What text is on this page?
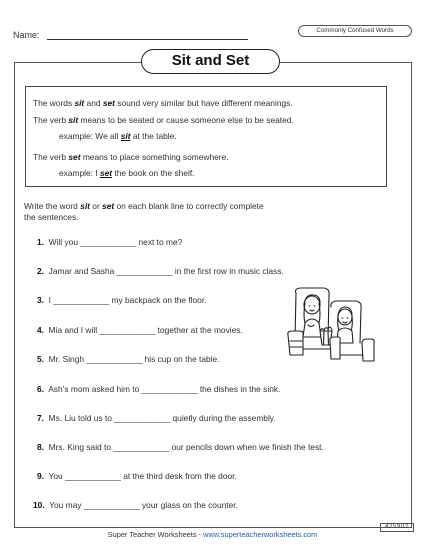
Name:	Commonly Confused Words
Sit and Set
The words sit and set sound very similar but have different meanings.
The verb sit means to be seated or cause someone else to be seated.
example: We all sit at the table.
The verb set means to place something somewhere.
example: I set the book on the shelf.
Write the word sit or set on each blank line to correctly complete
the sentences.
1. Will you ____________ next to me?
2. Jamar and Sasha ____________ in the first row in music class.
3. I ____________ my backpack on the floor.
4. Mia and I will ____________ together at the movies.
5. Mr. Singh ____________ his cup on the table.
6. Ash’s mom asked him to ____________ the dishes in the sink.
7. Ms. Liu told us to ____________ quietly during the assembly.
8. Mrs. King said to ____________ our pencils down when we finish the test.
9. You ____________ at the third desk from the door.
10. You may ____________ your glass on the counter.
Super Teacher Worksheets - www.superteacherworksheets.com
425902
